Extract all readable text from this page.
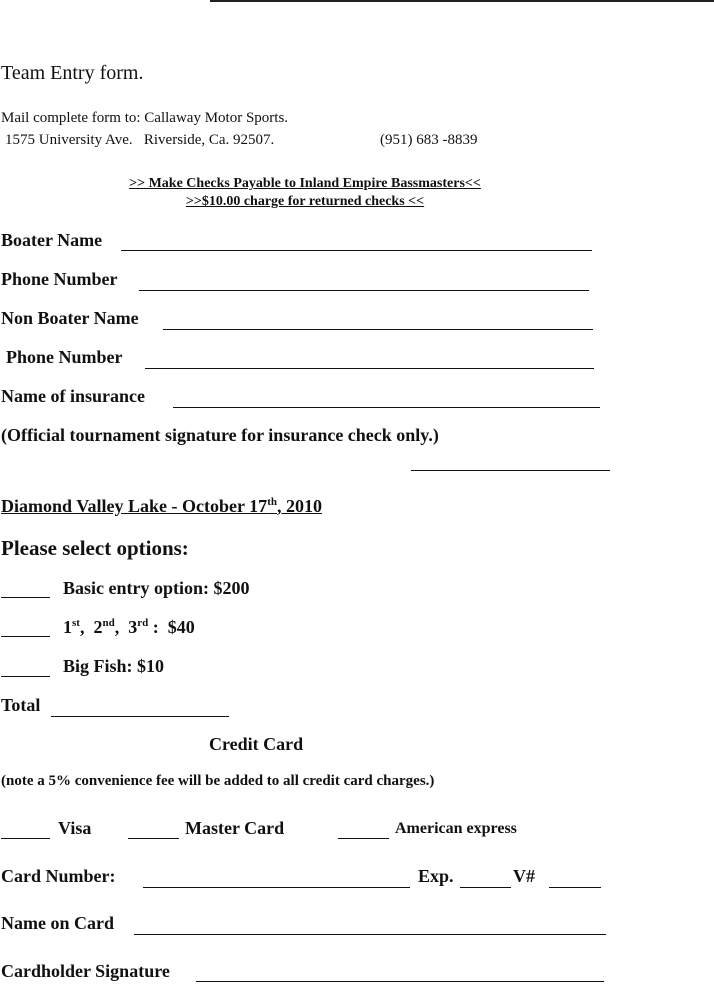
Team Entry form.
Mail complete form to: Callaway Motor Sports.
1575 University Ave.   Riverside, Ca. 92507.	(951) 683 -8839
>> Make Checks Payable to Inland Empire Bassmasters<<
>>$10.00 charge for returned checks <<
Boater Name
Phone Number
Non Boater Name
Phone Number
Name of insurance
(Official tournament signature for insurance check only.)
Diamond Valley Lake - October 17th, 2010
Please select options:
Basic entry option: $200
1st,  2nd,  3rd :  $40
Big Fish: $10
Total
Credit Card
(note a 5% convenience fee will be added to all credit card charges.)
Visa	Master Card	American express
Card Number:	Exp.	V#
Name on Card
Cardholder Signature
